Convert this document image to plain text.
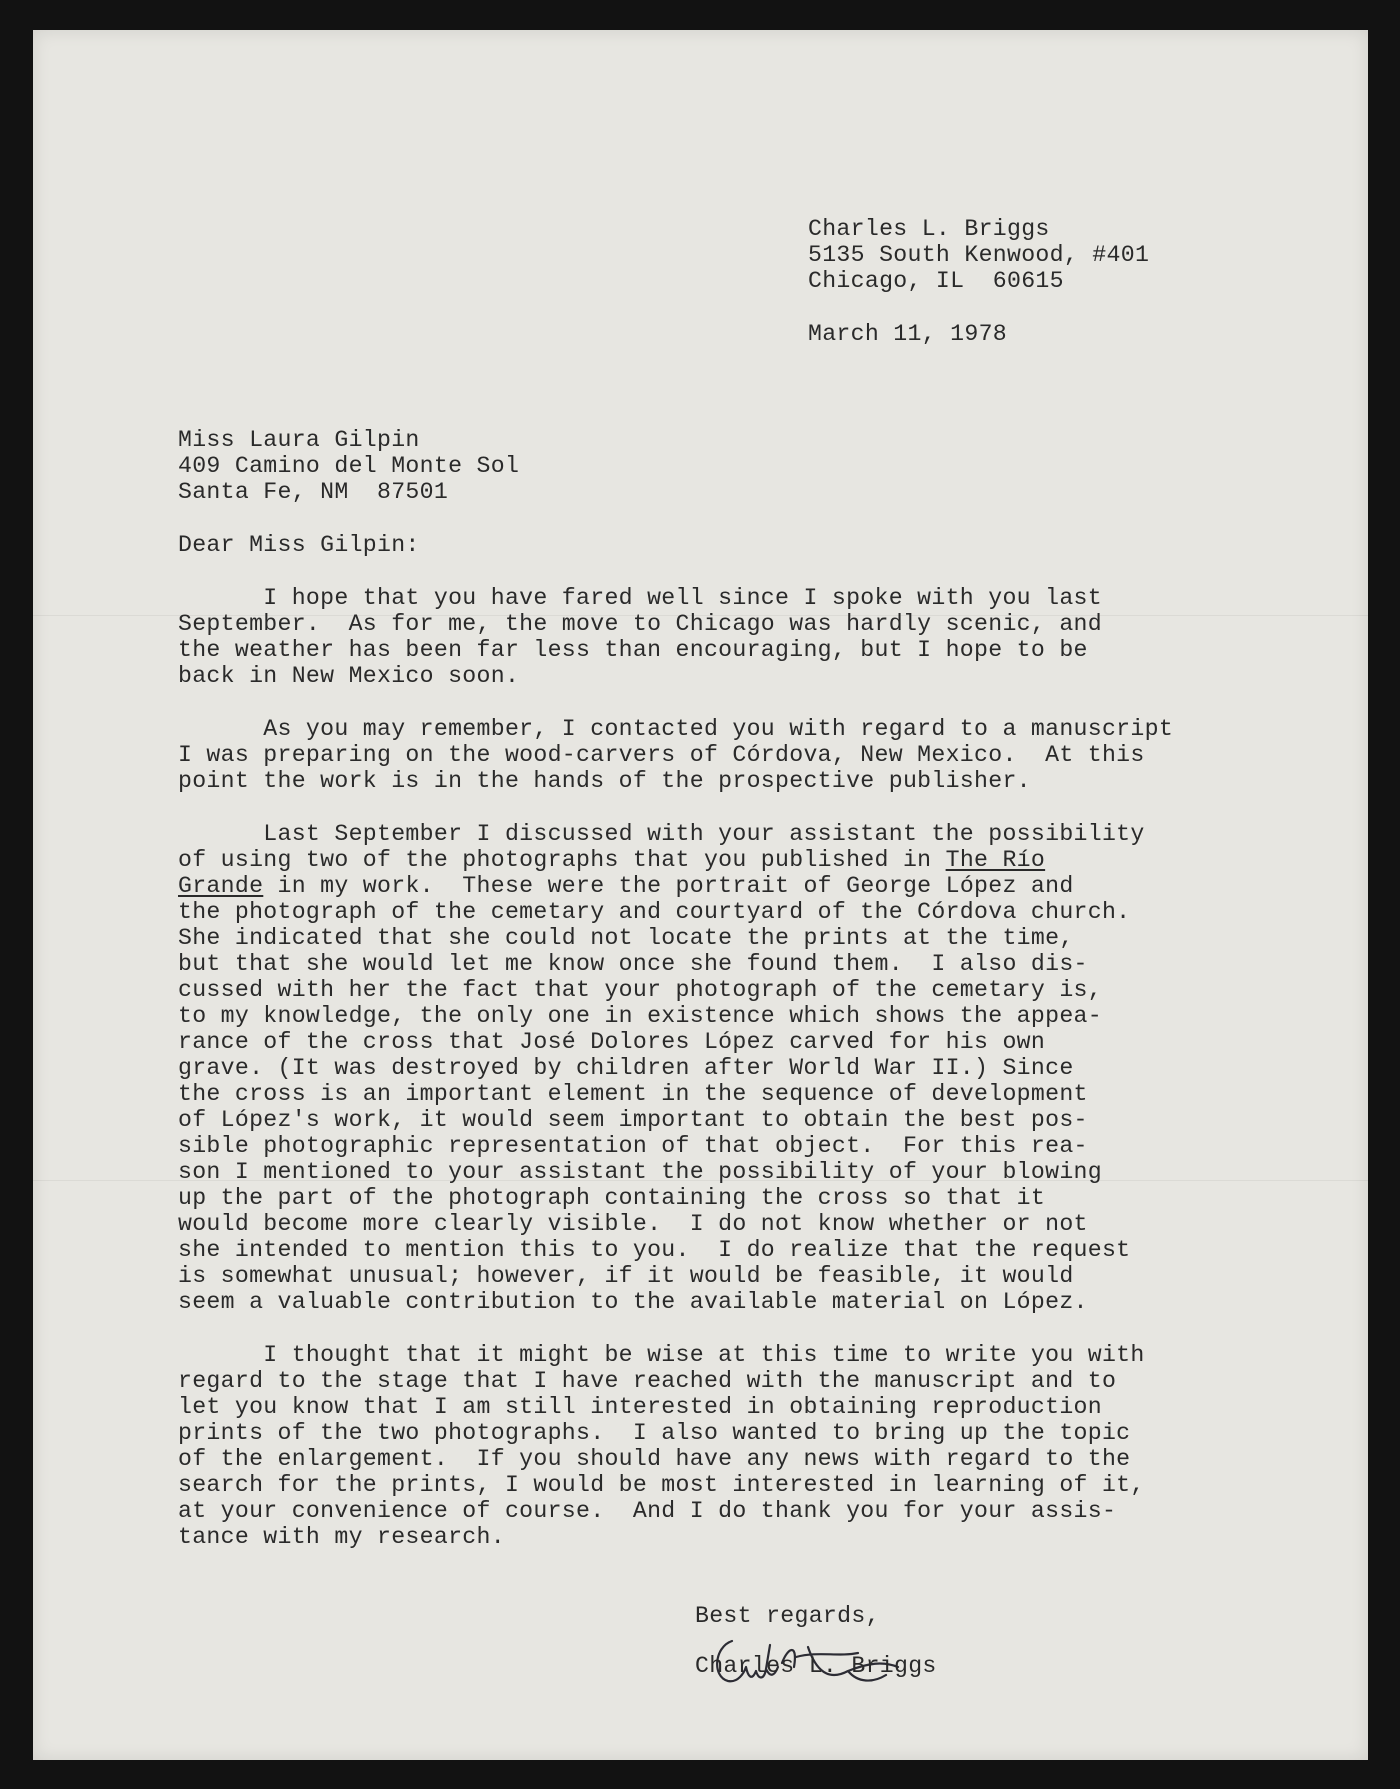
Charles L. Briggs
5135 South Kenwood, #401
Chicago, IL  60615
March 11, 1978
Miss Laura Gilpin
409 Camino del Monte Sol
Santa Fe, NM  87501
Dear Miss Gilpin:
I hope that you have fared well since I spoke with you last
September.  As for me, the move to Chicago was hardly scenic, and
the weather has been far less than encouraging, but I hope to be
back in New Mexico soon.
As you may remember, I contacted you with regard to a manuscript
I was preparing on the wood-carvers of Córdova, New Mexico.  At this
point the work is in the hands of the prospective publisher.
Last September I discussed with your assistant the possibility
of using two of the photographs that you published in The Río
Grande in my work.  These were the portrait of George López and
the photograph of the cemetary and courtyard of the Córdova church.
She indicated that she could not locate the prints at the time,
but that she would let me know once she found them.  I also dis-
cussed with her the fact that your photograph of the cemetary is,
to my knowledge, the only one in existence which shows the appea-
rance of the cross that José Dolores López carved for his own
grave. (It was destroyed by children after World War II.) Since
the cross is an important element in the sequence of development
of López's work, it would seem important to obtain the best pos-
sible photographic representation of that object.  For this rea-
son I mentioned to your assistant the possibility of your blowing
up the part of the photograph containing the cross so that it
would become more clearly visible.  I do not know whether or not
she intended to mention this to you.  I do realize that the request
is somewhat unusual; however, if it would be feasible, it would
seem a valuable contribution to the available material on López.
I thought that it might be wise at this time to write you with
regard to the stage that I have reached with the manuscript and to
let you know that I am still interested in obtaining reproduction
prints of the two photographs.  I also wanted to bring up the topic
of the enlargement.  If you should have any news with regard to the
search for the prints, I would be most interested in learning of it,
at your convenience of course.  And I do thank you for your assis-
tance with my research.
Best regards,
Charles L. Briggs
